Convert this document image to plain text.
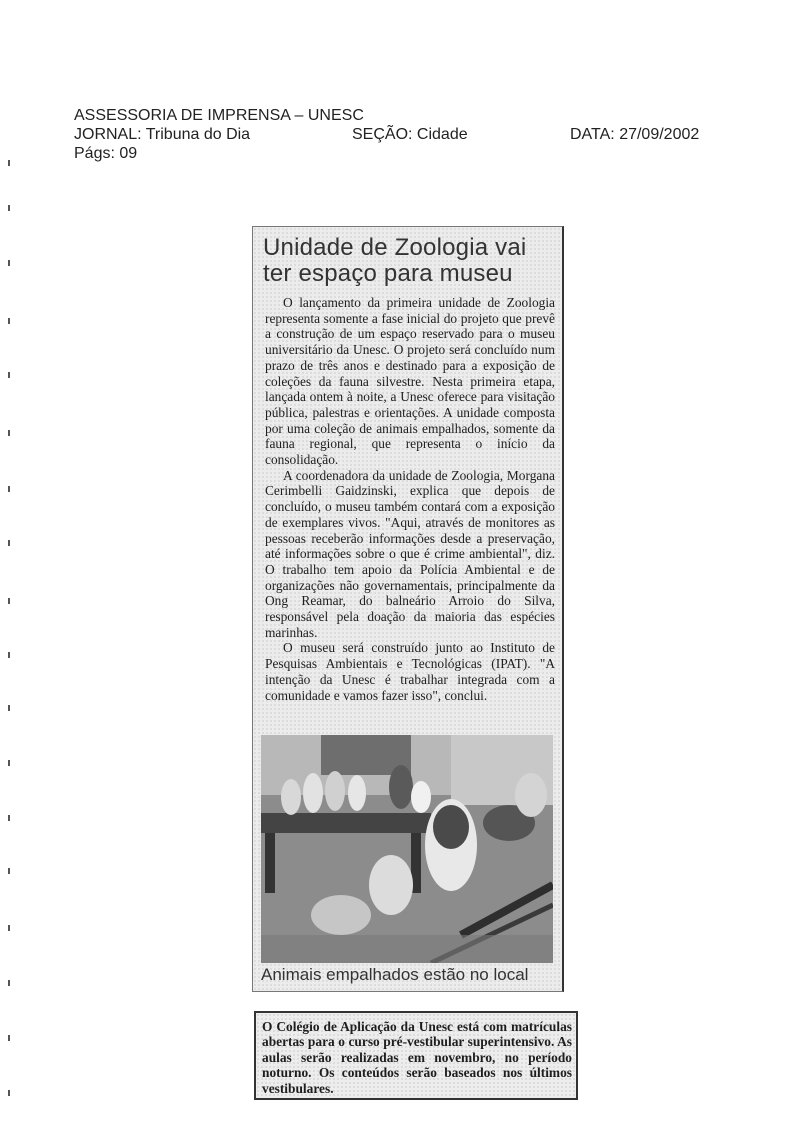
ASSESSORIA DE IMPRENSA – UNESC
JORNAL: Tribuna do Dia	SEÇÃO: Cidade	DATA: 27/09/2002
Págs: 09
Unidade de Zoologia vai
ter espaço para museu

O lançamento da primeira unidade de Zoologia representa somente a fase inicial do projeto que prevê a construção de um espaço reservado para o museu universitário da Unesc. O projeto será concluído num prazo de três anos e destinado para a exposição de coleções da fauna silvestre. Nesta primeira etapa, lançada ontem à noite, a Unesc oferece para visitação pública, palestras e orientações. A unidade composta por uma coleção de animais empalhados, somente da fauna regional, que representa o início da consolidação.

A coordenadora da unidade de Zoologia, Morgana Cerimbelli Gaidzinski, explica que depois de concluído, o museu também contará com a exposição de exemplares vivos. "Aqui, através de monitores as pessoas receberão informações desde a preservação, até informações sobre o que é crime ambiental", diz. O trabalho tem apoio da Polícia Ambiental e de organizações não governamentais, principalmente da Ong Reamar, do balneário Arroio do Silva, responsável pela doação da maioria das espécies marinhas.

O museu será construído junto ao Instituto de Pesquisas Ambientais e Tecnológicas (IPAT). "A intenção da Unesc é trabalhar integrada com a comunidade e vamos fazer isso", conclui.

Animais empalhados estão no local
O Colégio de Aplicação da Unesc está com matrículas abertas para o curso pré-vestibular superintensivo. As aulas serão realizadas em novembro, no período noturno. Os conteúdos serão baseados nos últimos vestibulares.
